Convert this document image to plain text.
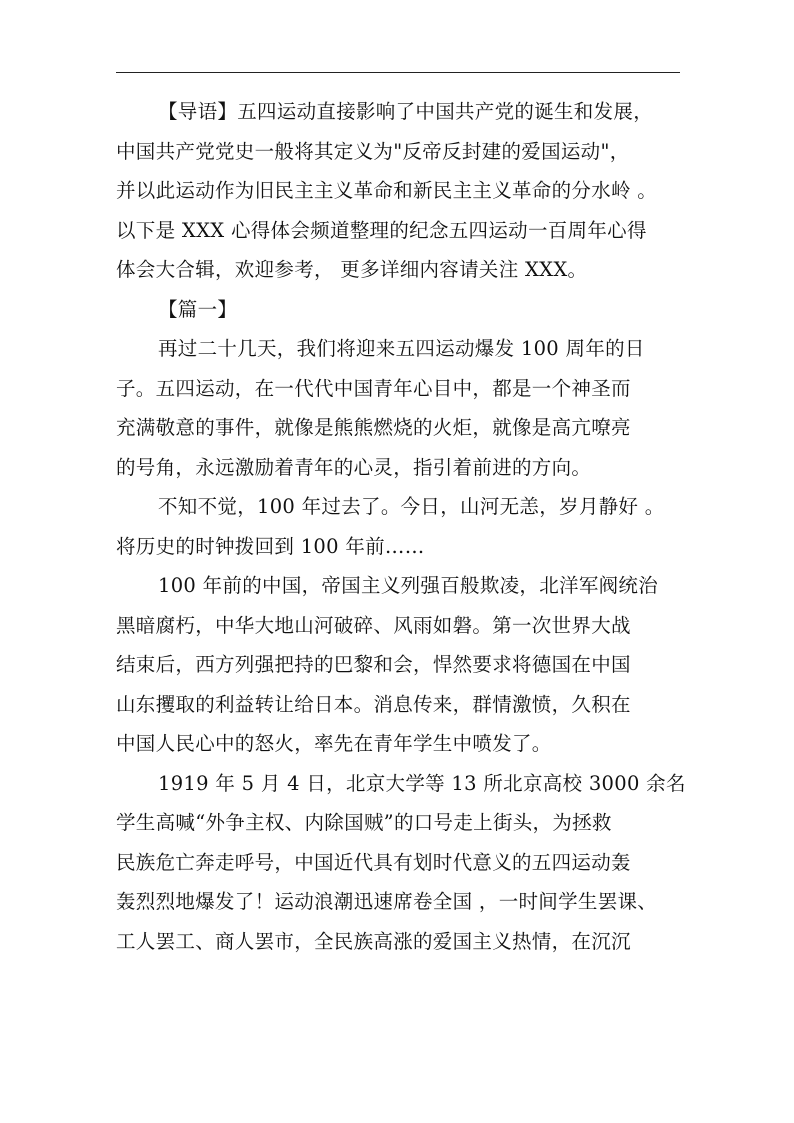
【导语】五四运动直接影响了中国共产党的诞生和发展，
中国共产党党史一般将其定义为"反帝反封建的爱国运动"，
并以此运动作为旧民主主义革命和新民主主义革命的分水岭 。
以下是 XXX 心得体会频道整理的纪念五四运动一百周年心得
体会大合辑，欢迎参考， 更多详细内容请关注 XXX。
【篇一】
再过二十几天，我们将迎来五四运动爆发 100 周年的日
子。五四运动，在一代代中国青年心目中，都是一个神圣而
充满敬意的事件，就像是熊熊燃烧的火炬，就像是高亢嘹亮
的号角，永远激励着青年的心灵，指引着前进的方向。
不知不觉，100 年过去了。今日，山河无恙，岁月静好 。
将历史的时钟拨回到 100 年前……
100 年前的中国，帝国主义列强百般欺凌，北洋军阀统治
黑暗腐朽，中华大地山河破碎、风雨如磐。第一次世界大战
结束后，西方列强把持的巴黎和会，悍然要求将德国在中国
山东攫取的利益转让给日本。消息传来，群情激愤，久积在
中国人民心中的怒火，率先在青年学生中喷发了。
1919 年 5 月 4 日，北京大学等 13 所北京高校 3000 余名
学生高喊“外争主权、内除国贼”的口号走上街头，为拯救
民族危亡奔走呼号，中国近代具有划时代意义的五四运动轰
轰烈烈地爆发了！运动浪潮迅速席卷全国 ，一时间学生罢课、
工人罢工、商人罢市，全民族高涨的爱国主义热情，在沉沉
